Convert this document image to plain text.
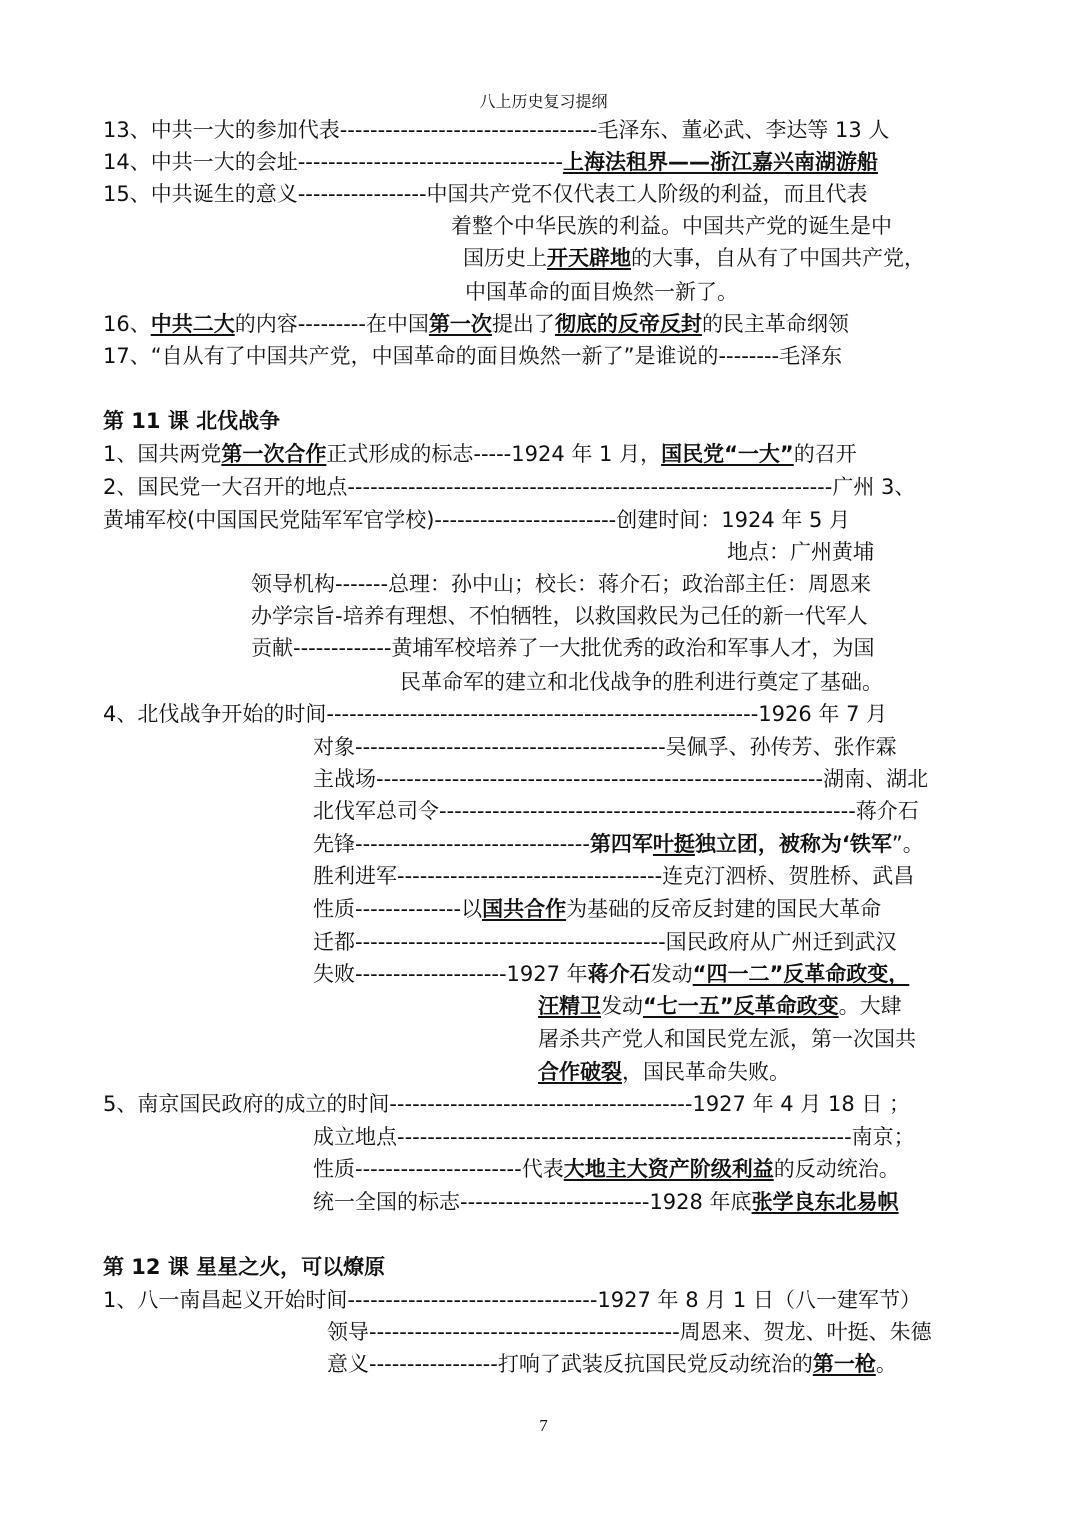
八上历史复习提纲
13、中共一大的参加代表----------------------------------毛泽东、董必武、李达等 13 人
14、中共一大的会址-----------------------------------上海法租界——浙江嘉兴南湖游船
15、中共诞生的意义-----------------中国共产党不仅代表工人阶级的利益，而且代表
着整个中华民族的利益。中国共产党的诞生是中
国历史上开天辟地的大事，自从有了中国共产党，
中国革命的面目焕然一新了。
16、中共二大的内容---------在中国第一次提出了彻底的反帝反封的民主革命纲领
17、“自从有了中国共产党，中国革命的面目焕然一新了”是谁说的--------毛泽东
第 11 课 北伐战争
1、国共两党第一次合作正式形成的标志-----1924 年 1 月，国民党“一大”的召开
2、国民党一大召开的地点----------------------------------------------------------------广州 3、
黄埔军校(中国国民党陆军军官学校)------------------------创建时间：1924 年 5 月
地点：广州黄埔
领导机构-------总理：孙中山；校长：蒋介石；政治部主任：周恩来
办学宗旨-培养有理想、不怕牺牲，以救国救民为己任的新一代军人
贡献-------------黄埔军校培养了一大批优秀的政治和军事人才，为国
民革命军的建立和北伐战争的胜利进行奠定了基础。
4、北伐战争开始的时间---------------------------------------------------------1926 年 7 月
对象-----------------------------------------吴佩孚、孙传芳、张作霖
主战场-----------------------------------------------------------湖南、湖北
北伐军总司令-------------------------------------------------------蒋介石
先锋-------------------------------第四军叶挺独立团，被称为‘铁军”。
胜利进军-----------------------------------连克汀泗桥、贺胜桥、武昌
性质--------------以国共合作为基础的反帝反封建的国民大革命
迁都-----------------------------------------国民政府从广州迁到武汉
失败--------------------1927 年蒋介石发动“四一二”反革命政变，
汪精卫发动“七一五”反革命政变。大肆
屠杀共产党人和国民党左派，第一次国共
合作破裂，国民革命失败。
5、南京国民政府的成立的时间----------------------------------------1927 年 4 月 18 日 ；
成立地点------------------------------------------------------------南京；
性质----------------------代表大地主大资产阶级利益的反动统治。
统一全国的标志-------------------------1928 年底张学良东北易帜
第 12 课 星星之火，可以燎原
1、八一南昌起义开始时间---------------------------------1927 年 8 月 1 日（八一建军节）
领导-----------------------------------------周恩来、贺龙、叶挺、朱德
意义-----------------打响了武装反抗国民党反动统治的第一枪。
7
